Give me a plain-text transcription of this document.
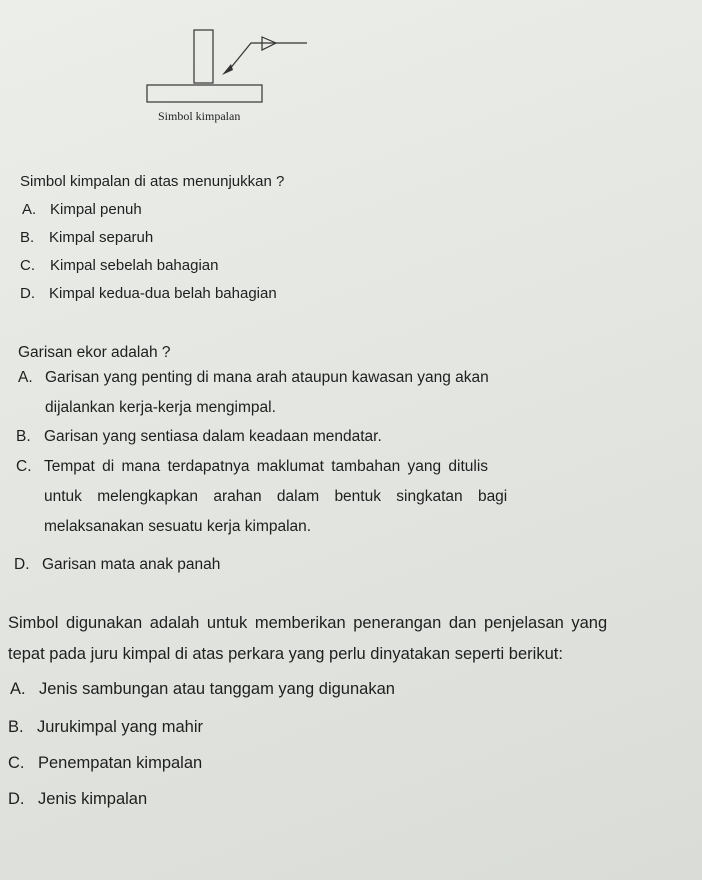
Simbol kimpalan
Simbol kimpalan di atas menunjukkan ?
A. Kimpal penuh
B. Kimpal separuh
C. Kimpal sebelah bahagian
D. Kimpal kedua-dua belah bahagian
Garisan ekor adalah ?
A. Garisan yang penting di mana arah ataupun kawasan yang akan
dijalankan kerja-kerja mengimpal.
B. Garisan yang sentiasa dalam keadaan mendatar.
C. Tempat di mana terdapatnya maklumat tambahan yang ditulis
untuk melengkapkan arahan dalam bentuk singkatan bagi
melaksanakan sesuatu kerja kimpalan.
D. Garisan mata anak panah
Simbol digunakan adalah untuk memberikan penerangan dan penjelasan yang
tepat pada juru kimpal di atas perkara yang perlu dinyatakan seperti berikut:
A. Jenis sambungan atau tanggam yang digunakan
B. Jurukimpal yang mahir
C. Penempatan kimpalan
D. Jenis kimpalan
